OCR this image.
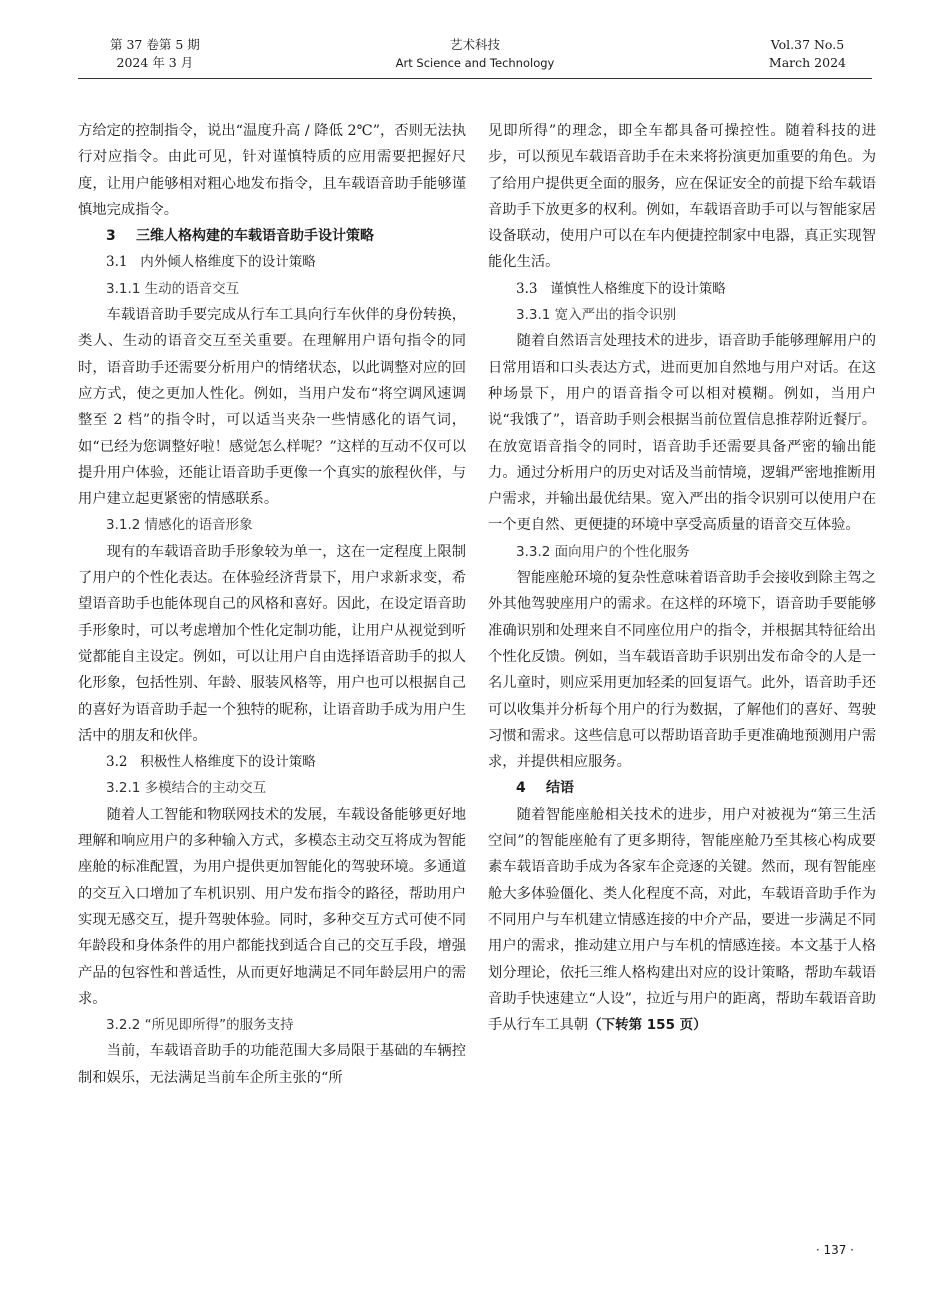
第 37 卷第 5 期
2024 年 3 月
艺术科技
Art Science and Technology
Vol.37 No.5
March 2024

方给定的控制指令，说出“温度升高 / 降低 2℃”，否则无法执行对应指令。由此可见，针对谨慎特质的应用需要把握好尺度，让用户能够相对粗心地发布指令，且车载语音助手能够谨慎地完成指令。

3 三维人格构建的车载语音助手设计策略
3.1 内外倾人格维度下的设计策略
3.1.1 生动的语音交互

车载语音助手要完成从行车工具向行车伙伴的身份转换，类人、生动的语音交互至关重要。在理解用户语句指令的同时，语音助手还需要分析用户的情绪状态，以此调整对应的回应方式，使之更加人性化。例如，当用户发布“将空调风速调整至 2 档”的指令时，可以适当夹杂一些情感化的语气词，如“已经为您调整好啦！感觉怎么样呢？”这样的互动不仅可以提升用户体验，还能让语音助手更像一个真实的旅程伙伴，与用户建立起更紧密的情感联系。

3.1.2 情感化的语音形象

现有的车载语音助手形象较为单一，这在一定程度上限制了用户的个性化表达。在体验经济背景下，用户求新求变，希望语音助手也能体现自己的风格和喜好。因此，在设定语音助手形象时，可以考虑增加个性化定制功能，让用户从视觉到听觉都能自主设定。例如，可以让用户自由选择语音助手的拟人化形象，包括性别、年龄、服装风格等，用户也可以根据自己的喜好为语音助手起一个独特的昵称，让语音助手成为用户生活中的朋友和伙伴。

3.2 积极性人格维度下的设计策略
3.2.1 多模结合的主动交互

随着人工智能和物联网技术的发展，车载设备能够更好地理解和响应用户的多种输入方式，多模态主动交互将成为智能座舱的标准配置，为用户提供更加智能化的驾驶环境。多通道的交互入口增加了车机识别、用户发布指令的路径，帮助用户实现无感交互，提升驾驶体验。同时，多种交互方式可使不同年龄段和身体条件的用户都能找到适合自己的交互手段，增强产品的包容性和普适性，从而更好地满足不同年龄层用户的需求。

3.2.2 “所见即所得”的服务支持

当前，车载语音助手的功能范围大多局限于基础的车辆控制和娱乐，无法满足当前车企所主张的“所

见即所得”的理念，即全车都具备可操控性。随着科技的进步，可以预见车载语音助手在未来将扮演更加重要的角色。为了给用户提供更全面的服务，应在保证安全的前提下给车载语音助手下放更多的权利。例如，车载语音助手可以与智能家居设备联动，使用户可以在车内便捷控制家中电器，真正实现智能化生活。

3.3 谨慎性人格维度下的设计策略
3.3.1 宽入严出的指令识别

随着自然语言处理技术的进步，语音助手能够理解用户的日常用语和口头表达方式，进而更加自然地与用户对话。在这种场景下，用户的语音指令可以相对模糊。例如，当用户说“我饿了”，语音助手则会根据当前位置信息推荐附近餐厅。在放宽语音指令的同时，语音助手还需要具备严密的输出能力。通过分析用户的历史对话及当前情境，逻辑严密地推断用户需求，并输出最优结果。宽入严出的指令识别可以使用户在一个更自然、更便捷的环境中享受高质量的语音交互体验。

3.3.2 面向用户的个性化服务

智能座舱环境的复杂性意味着语音助手会接收到除主驾之外其他驾驶座用户的需求。在这样的环境下，语音助手要能够准确识别和处理来自不同座位用户的指令，并根据其特征给出个性化反馈。例如，当车载语音助手识别出发布命令的人是一名儿童时，则应采用更加轻柔的回复语气。此外，语音助手还可以收集并分析每个用户的行为数据，了解他们的喜好、驾驶习惯和需求。这些信息可以帮助语音助手更准确地预测用户需求，并提供相应服务。

4 结语

随着智能座舱相关技术的进步，用户对被视为“第三生活空间”的智能座舱有了更多期待，智能座舱乃至其核心构成要素车载语音助手成为各家车企竞逐的关键。然而，现有智能座舱大多体验僵化、类人化程度不高，对此，车载语音助手作为不同用户与车机建立情感连接的中介产品，要进一步满足不同用户的需求，推动建立用户与车机的情感连接。本文基于人格划分理论，依托三维人格构建出对应的设计策略，帮助车载语音助手快速建立“人设”，拉近与用户的距离，帮助车载语音助手从行车工具朝（下转第 155 页）

· 137 ·
